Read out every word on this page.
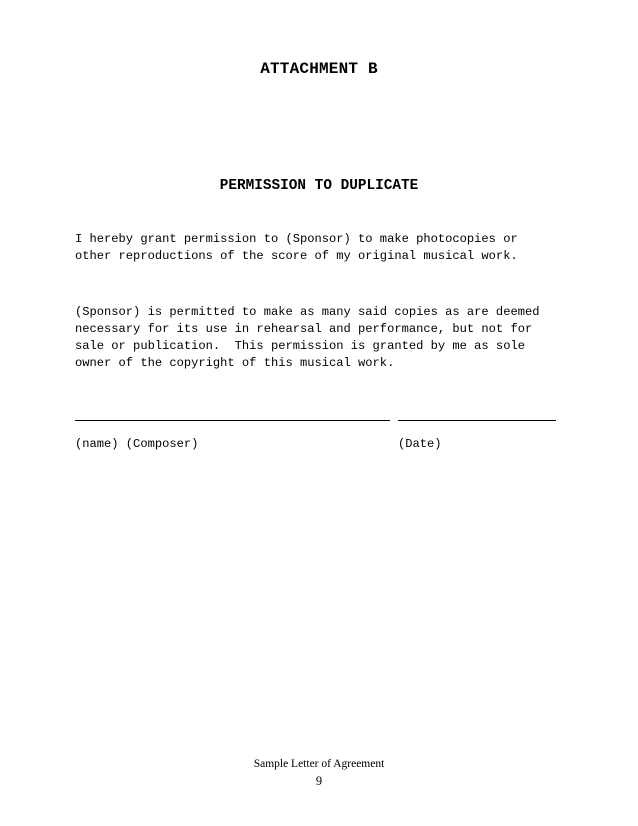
ATTACHMENT B
PERMISSION TO DUPLICATE

I hereby grant permission to (Sponsor) to make photocopies or
other reproductions of the score of my original musical work.

(Sponsor) is permitted to make as many said copies as are deemed
necessary for its use in rehearsal and performance, but not for
sale or publication.  This permission is granted by me as sole
owner of the copyright of this musical work.

(name) (Composer)	(Date)
Sample Letter of Agreement
9
